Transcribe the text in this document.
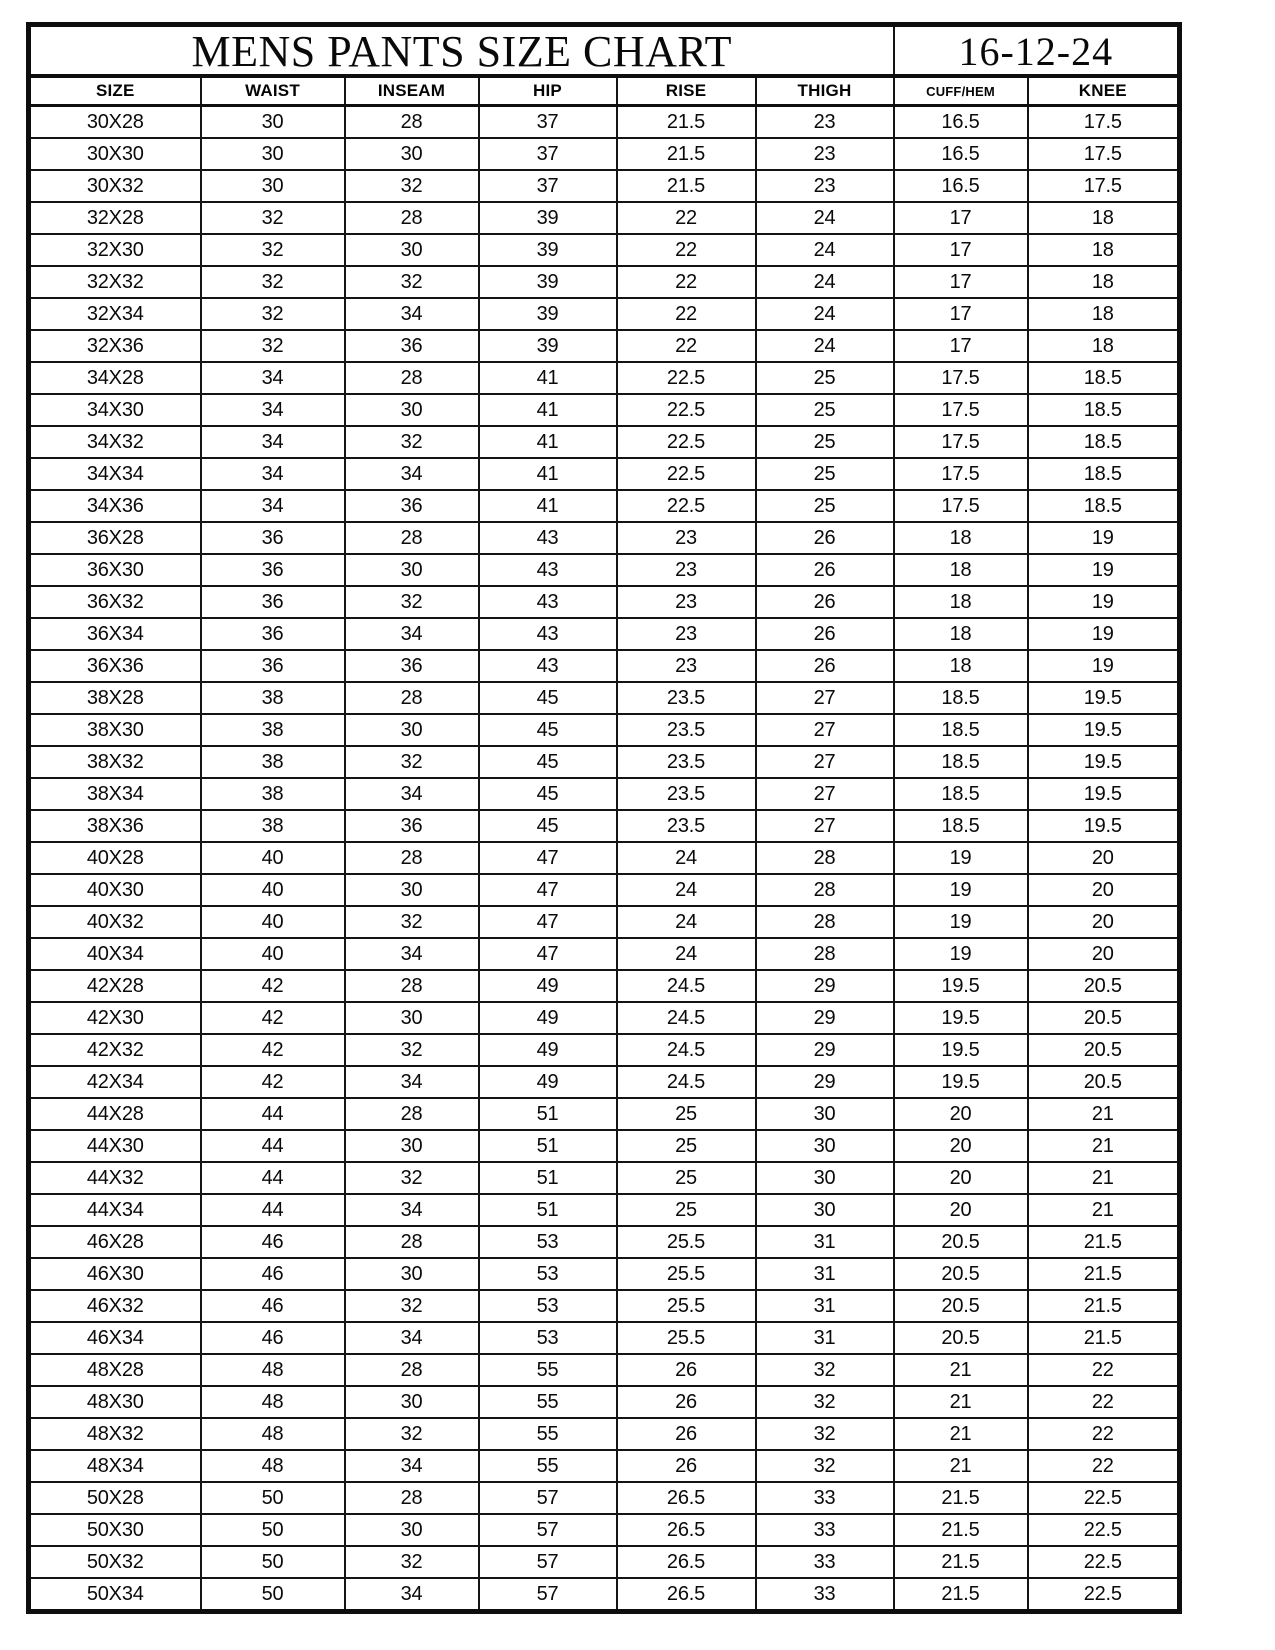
MENS PANTS SIZE CHART						16-12-24	
SIZE	WAIST	INSEAM	HIP	RISE	THIGH	CUFF/HEM	KNEE
30X28	30	28	37	21.5	23	16.5	17.5
30X30	30	30	37	21.5	23	16.5	17.5
30X32	30	32	37	21.5	23	16.5	17.5
32X28	32	28	39	22	24	17	18
32X30	32	30	39	22	24	17	18
32X32	32	32	39	22	24	17	18
32X34	32	34	39	22	24	17	18
32X36	32	36	39	22	24	17	18
34X28	34	28	41	22.5	25	17.5	18.5
34X30	34	30	41	22.5	25	17.5	18.5
34X32	34	32	41	22.5	25	17.5	18.5
34X34	34	34	41	22.5	25	17.5	18.5
34X36	34	36	41	22.5	25	17.5	18.5
36X28	36	28	43	23	26	18	19
36X30	36	30	43	23	26	18	19
36X32	36	32	43	23	26	18	19
36X34	36	34	43	23	26	18	19
36X36	36	36	43	23	26	18	19
38X28	38	28	45	23.5	27	18.5	19.5
38X30	38	30	45	23.5	27	18.5	19.5
38X32	38	32	45	23.5	27	18.5	19.5
38X34	38	34	45	23.5	27	18.5	19.5
38X36	38	36	45	23.5	27	18.5	19.5
40X28	40	28	47	24	28	19	20
40X30	40	30	47	24	28	19	20
40X32	40	32	47	24	28	19	20
40X34	40	34	47	24	28	19	20
42X28	42	28	49	24.5	29	19.5	20.5
42X30	42	30	49	24.5	29	19.5	20.5
42X32	42	32	49	24.5	29	19.5	20.5
42X34	42	34	49	24.5	29	19.5	20.5
44X28	44	28	51	25	30	20	21
44X30	44	30	51	25	30	20	21
44X32	44	32	51	25	30	20	21
44X34	44	34	51	25	30	20	21
46X28	46	28	53	25.5	31	20.5	21.5
46X30	46	30	53	25.5	31	20.5	21.5
46X32	46	32	53	25.5	31	20.5	21.5
46X34	46	34	53	25.5	31	20.5	21.5
48X28	48	28	55	26	32	21	22
48X30	48	30	55	26	32	21	22
48X32	48	32	55	26	32	21	22
48X34	48	34	55	26	32	21	22
50X28	50	28	57	26.5	33	21.5	22.5
50X30	50	30	57	26.5	33	21.5	22.5
50X32	50	32	57	26.5	33	21.5	22.5
50X34	50	34	57	26.5	33	21.5	22.5
